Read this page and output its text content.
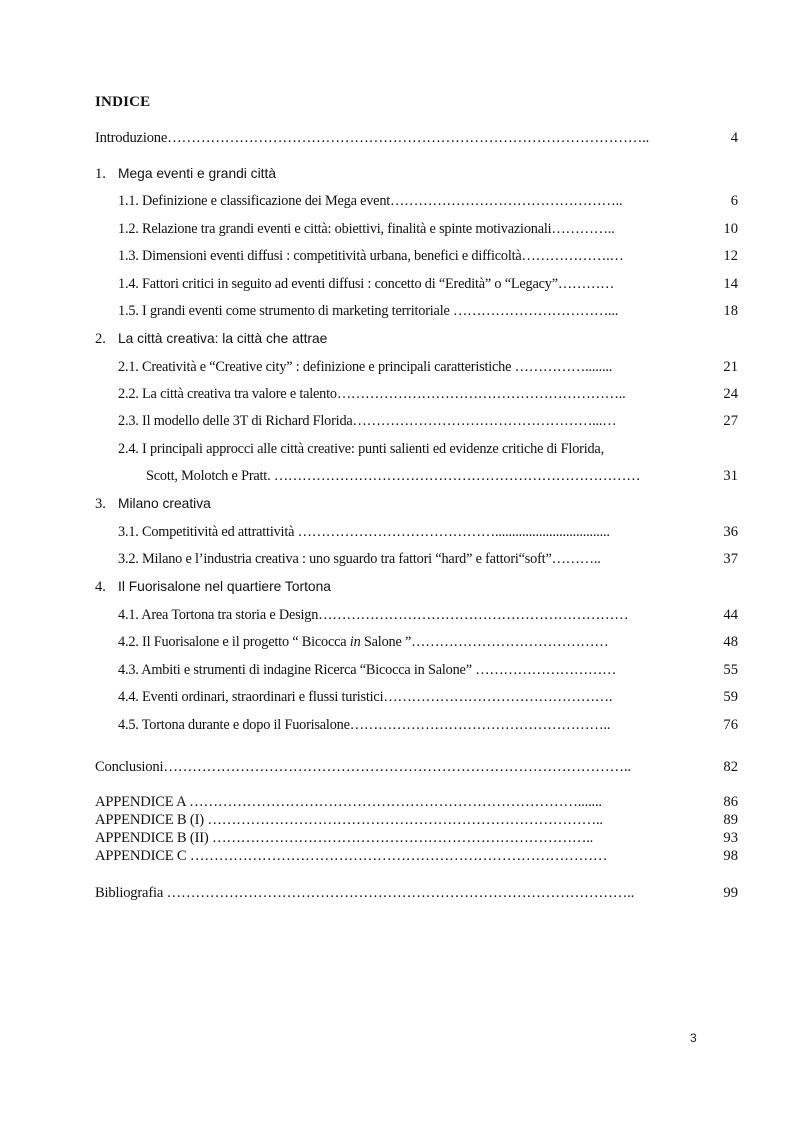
INDICE
Introduzione………………………………………………………………………………………..	4
1. Mega eventi e grandi città
1.1. Definizione e classificazione dei Mega event…………………………………………..	6
1.2. Relazione tra grandi eventi e città: obiettivi, finalità e spinte motivazionali…………..	10
1.3. Dimensioni eventi diffusi : competitività urbana, benefici e difficoltà……………….…	12
1.4. Fattori critici in seguito ad eventi diffusi : concetto di “Eredità” o “Legacy”…………	14
1.5. I grandi eventi come strumento di marketing territoriale ……………………………...	18
2. La città creativa: la città che attrae
2.1. Creatività e “Creative city” : definizione e principali caratteristiche ……………........	21
2.2. La città creativa tra valore e talento……………………………………………………..	24
2.3. Il modello delle 3T di Richard Florida……………………………………………...…	27
2.4. I principali approcci alle città creative: punti salienti ed evidenze critiche di Florida,
Scott, Molotch e Pratt. ……………………………………………………………………	31
3. Milano creativa
3.1. Competitività ed attrattività ……………………………………..................................	36
3.2. Milano e l’industria creativa : uno sguardo tra fattori “hard” e fattori“soft”………..	37
4. Il Fuorisalone nel quartiere Tortona
4.1. Area Tortona tra storia e Design…………………………………………………………	44
4.2. Il Fuorisalone e il progetto “ Bicocca in Salone ”……………………………………	48
4.3. Ambiti e strumenti di indagine Ricerca “Bicocca in Salone” …………………………	55
4.4. Eventi ordinari, straordinari e flussi turistici………………………………………….	59
4.5. Tortona durante e dopo il Fuorisalone………………………………………………..	76
Conclusioni……………………………………………………………………………………..	82
APPENDICE A ……………………………………………………………………….......	86
APPENDICE B (I) ………………………………………………………………………..	89
APPENDICE B (II) ……………………………………………………………………..	93
APPENDICE C ……………………………………………………………………………	98
Bibliografia ……………………………………………………………………………………..	99
3
